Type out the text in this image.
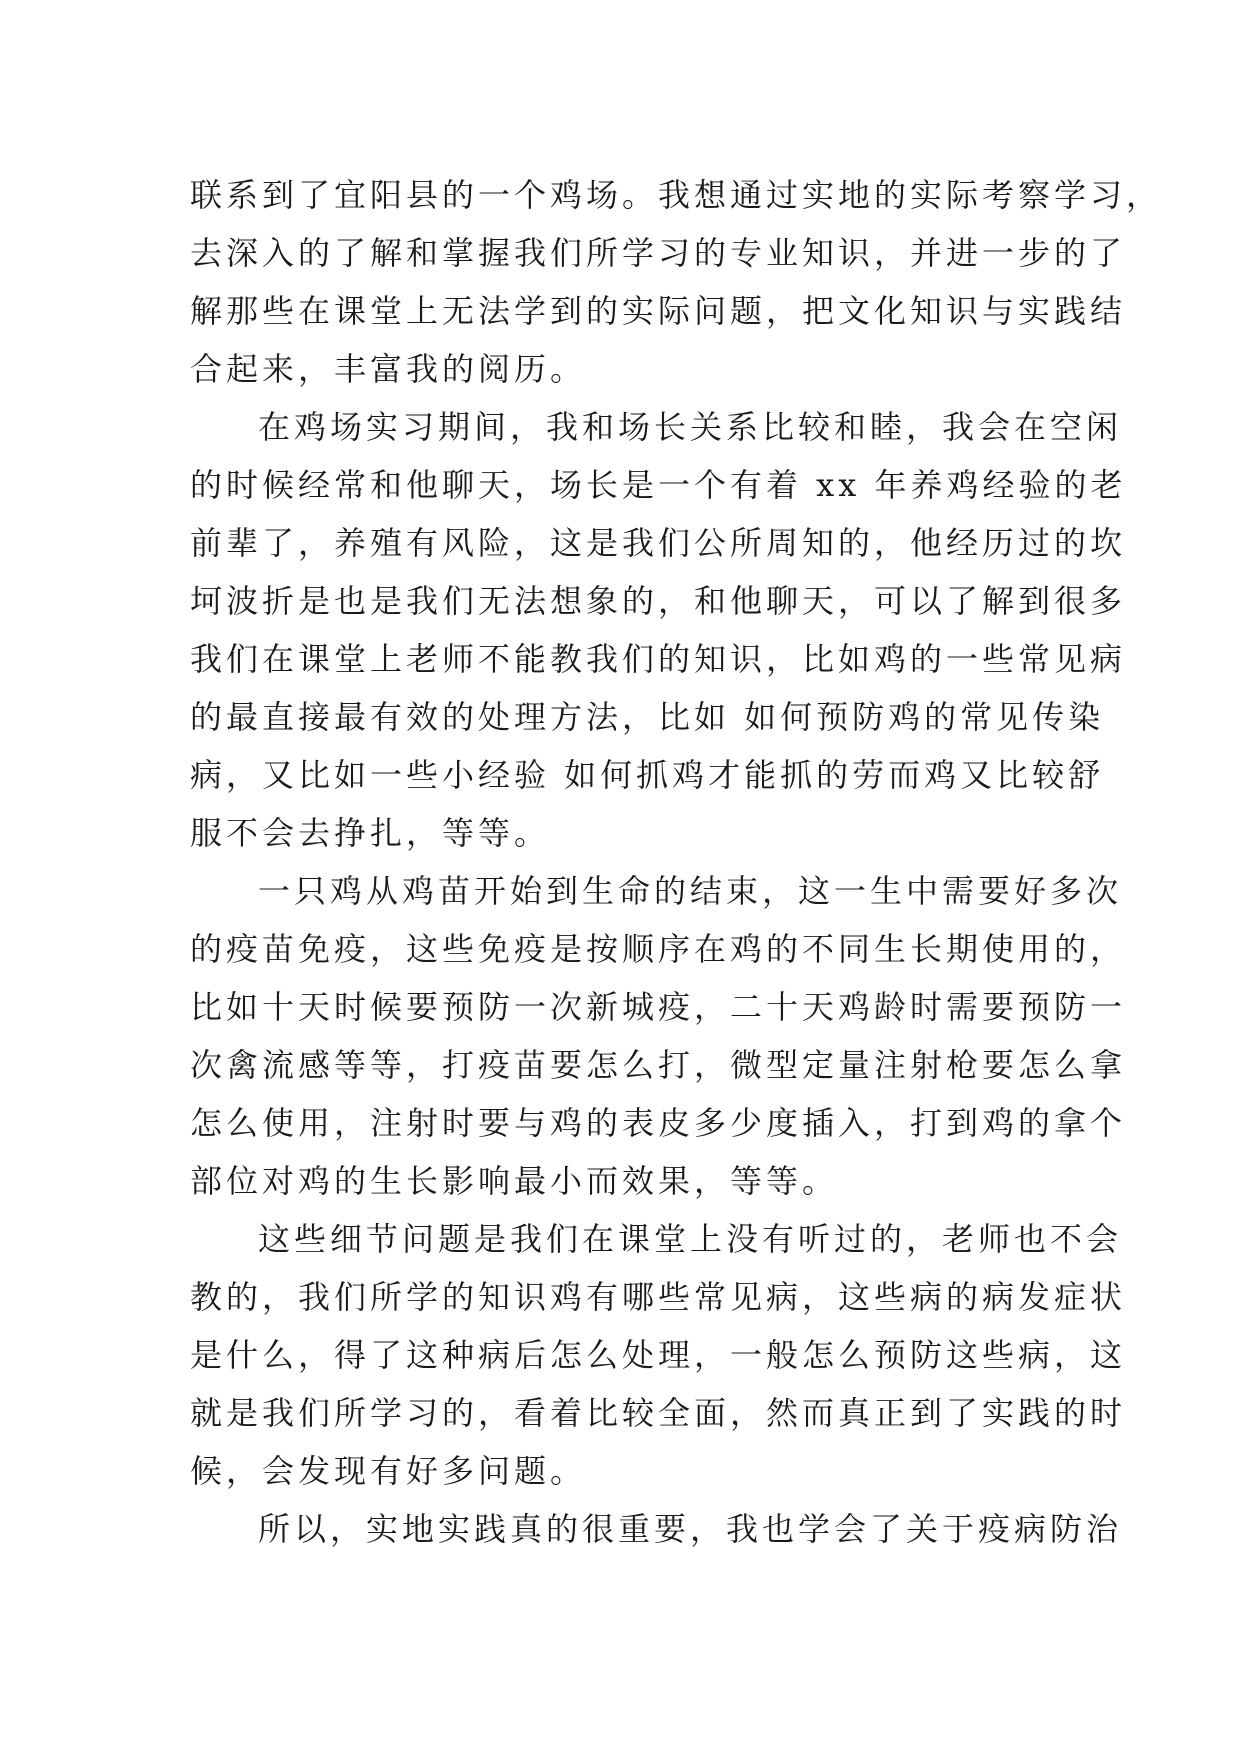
联系到了宜阳县的一个鸡场。我想通过实地的实际考察学习，
去深入的了解和掌握我们所学习的专业知识，并进一步的了
解那些在课堂上无法学到的实际问题，把文化知识与实践结
合起来，丰富我的阅历。
在鸡场实习期间，我和场长关系比较和睦，我会在空闲
的时候经常和他聊天，场长是一个有着 xx 年养鸡经验的老
前辈了，养殖有风险，这是我们公所周知的，他经历过的坎
坷波折是也是我们无法想象的，和他聊天，可以了解到很多
我们在课堂上老师不能教我们的知识，比如鸡的一些常见病
的最直接最有效的处理方法，比如 如何预防鸡的常见传染
病，又比如一些小经验 如何抓鸡才能抓的劳而鸡又比较舒
服不会去挣扎，等等。
一只鸡从鸡苗开始到生命的结束，这一生中需要好多次
的疫苗免疫，这些免疫是按顺序在鸡的不同生长期使用的，
比如十天时候要预防一次新城疫，二十天鸡龄时需要预防一
次禽流感等等，打疫苗要怎么打，微型定量注射枪要怎么拿
怎么使用，注射时要与鸡的表皮多少度插入，打到鸡的拿个
部位对鸡的生长影响最小而效果，等等。
这些细节问题是我们在课堂上没有听过的，老师也不会
教的，我们所学的知识鸡有哪些常见病，这些病的病发症状
是什么，得了这种病后怎么处理，一般怎么预防这些病，这
就是我们所学习的，看着比较全面，然而真正到了实践的时
候，会发现有好多问题。
所以，实地实践真的很重要，我也学会了关于疫病防治
